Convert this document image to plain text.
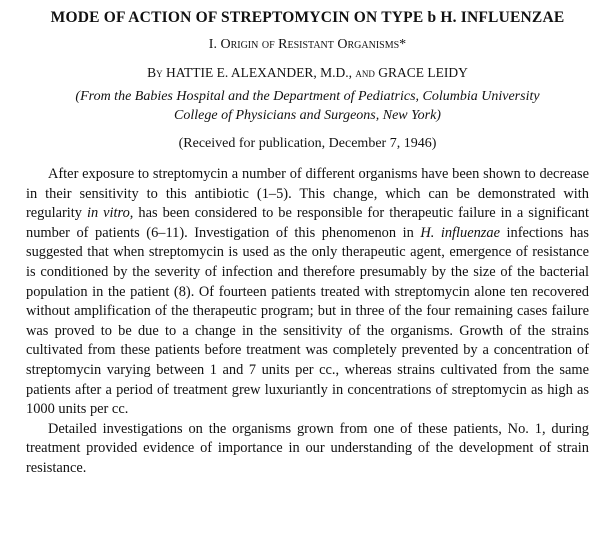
MODE OF ACTION OF STREPTOMYCIN ON TYPE b H. INFLUENZAE
I. Origin of Resistant Organisms*
By HATTIE E. ALEXANDER, M.D., and GRACE LEIDY
(From the Babies Hospital and the Department of Pediatrics, Columbia University
College of Physicians and Surgeons, New York)
(Received for publication, December 7, 1946)

After exposure to streptomycin a number of different organisms have been shown to decrease in their sensitivity to this antibiotic (1–5). This change, which can be demonstrated with regularity in vitro, has been considered to be responsible for therapeutic failure in a significant number of patients (6–11). Investigation of this phenomenon in H. influenzae infections has suggested that when streptomycin is used as the only therapeutic agent, emergence of resistance is conditioned by the severity of infection and therefore presumably by the size of the bacterial population in the patient (8). Of fourteen patients treated with streptomycin alone ten recovered without amplification of the therapeutic program; but in three of the four remaining cases failure was proved to be due to a change in the sensitivity of the organisms. Growth of the strains cultivated from these patients before treatment was completely prevented by a concentration of streptomycin varying between 1 and 7 units per cc., whereas strains cultivated from the same patients after a period of treatment grew luxuriantly in concentrations of streptomycin as high as 1000 units per cc.

Detailed investigations on the organisms grown from one of these patients, No. 1, during treatment provided evidence of importance in our understanding of the development of strain resistance.
